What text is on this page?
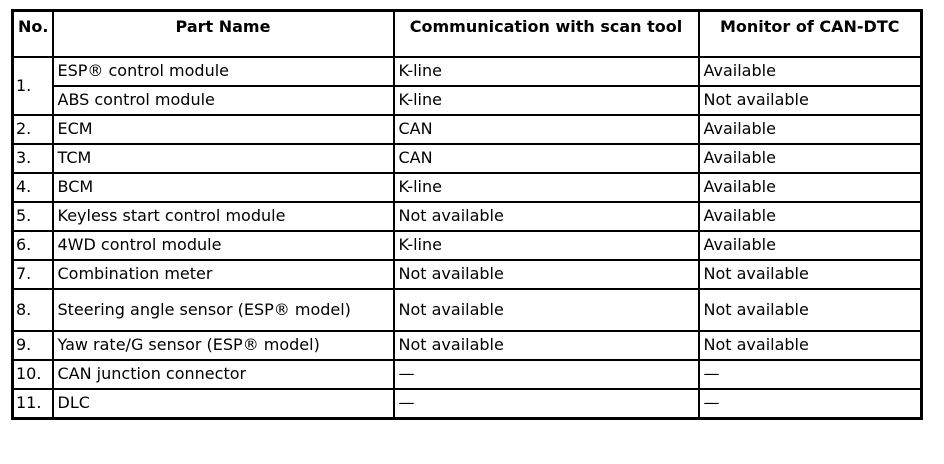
No.	Part Name	Communication with scan tool	Monitor of CAN-DTC
1.	ESP® control module	K-line	Available
	ABS control module	K-line	Not available
2.	ECM	CAN	Available
3.	TCM	CAN	Available
4.	BCM	K-line	Available
5.	Keyless start control module	Not available	Available
6.	4WD control module	K-line	Available
7.	Combination meter	Not available	Not available
8.	Steering angle sensor (ESP® model)	Not available	Not available
9.	Yaw rate/G sensor (ESP® model)	Not available	Not available
10.	CAN junction connector	—	—
11.	DLC	—	—
